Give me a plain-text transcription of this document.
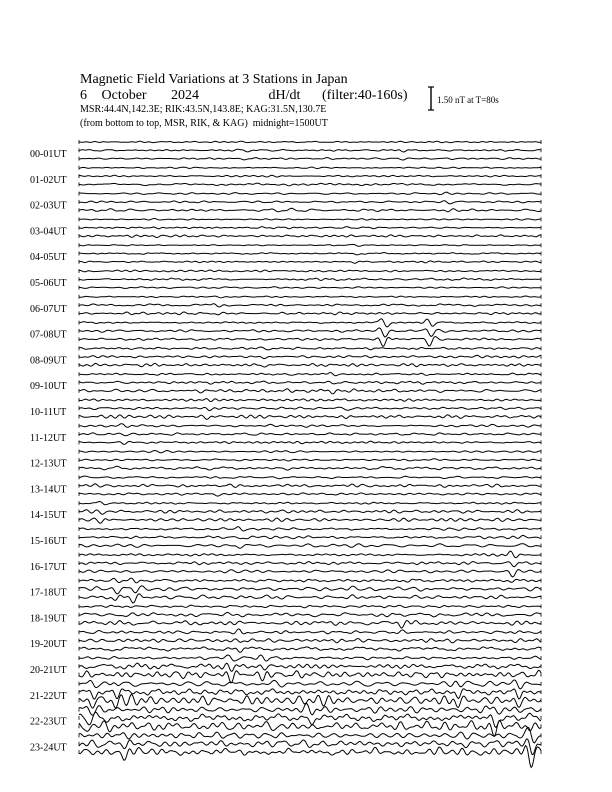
Magnetic Field Variations at 3 Stations in Japan
6 October 2024	dH/dt (filter:40-160s)
MSR:44.4N,142.3E; RIK:43.5N,143.8E; KAG:31.5N,130.7E
(from bottom to top, MSR, RIK, & KAG) midnight=1500UT
1.50 nT at T=80s
00-01UT
01-02UT
02-03UT
03-04UT
04-05UT
05-06UT
06-07UT
07-08UT
08-09UT
09-10UT
10-11UT
11-12UT
12-13UT
13-14UT
14-15UT
15-16UT
16-17UT
17-18UT
18-19UT
19-20UT
20-21UT
21-22UT
22-23UT
23-24UT
